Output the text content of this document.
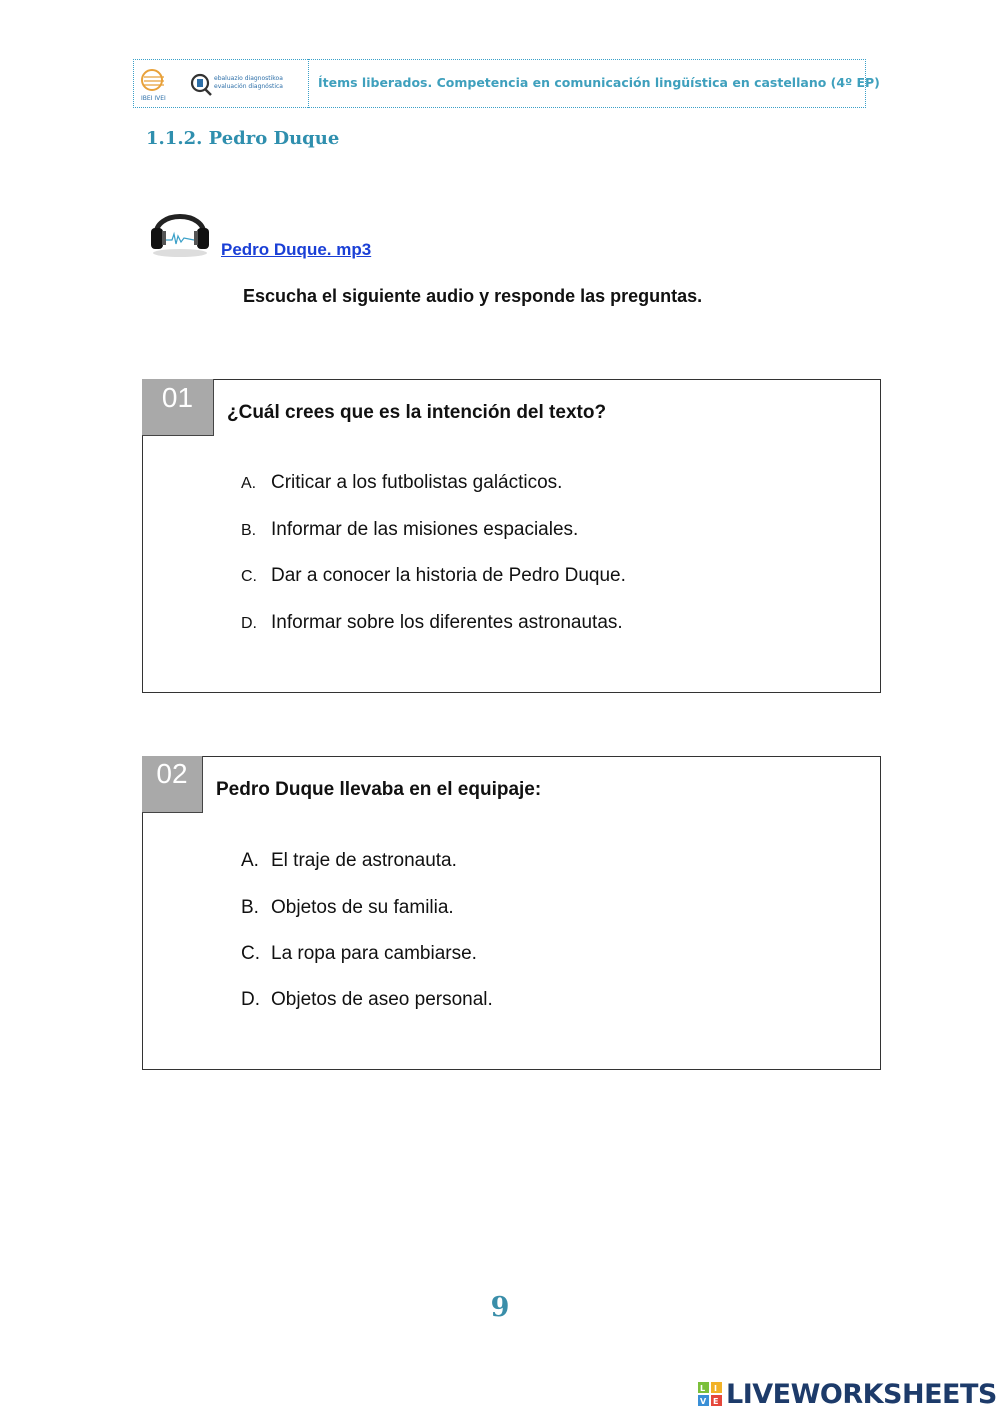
IBEI IVEI
ebaluazio diagnostikoa
evaluación diagnóstica	Ítems liberados. Competencia en comunicación lingüística en castellano (4º EP)
1.1.2. Pedro Duque
Pedro Duque. mp3
Escucha el siguiente audio y responde las preguntas.
01	¿Cuál crees que es la intención del texto?
A. Criticar a los futbolistas galácticos.
B. Informar de las misiones espaciales.
C. Dar a conocer la historia de Pedro Duque.
D. Informar sobre los diferentes astronautas.
02
Pedro Duque llevaba en el equipaje:
A. El traje de astronauta.
B. Objetos de su familia.
C. La ropa para cambiarse.
D. Objetos de aseo personal.
9
L I
V E LIVEWORKSHEETS
